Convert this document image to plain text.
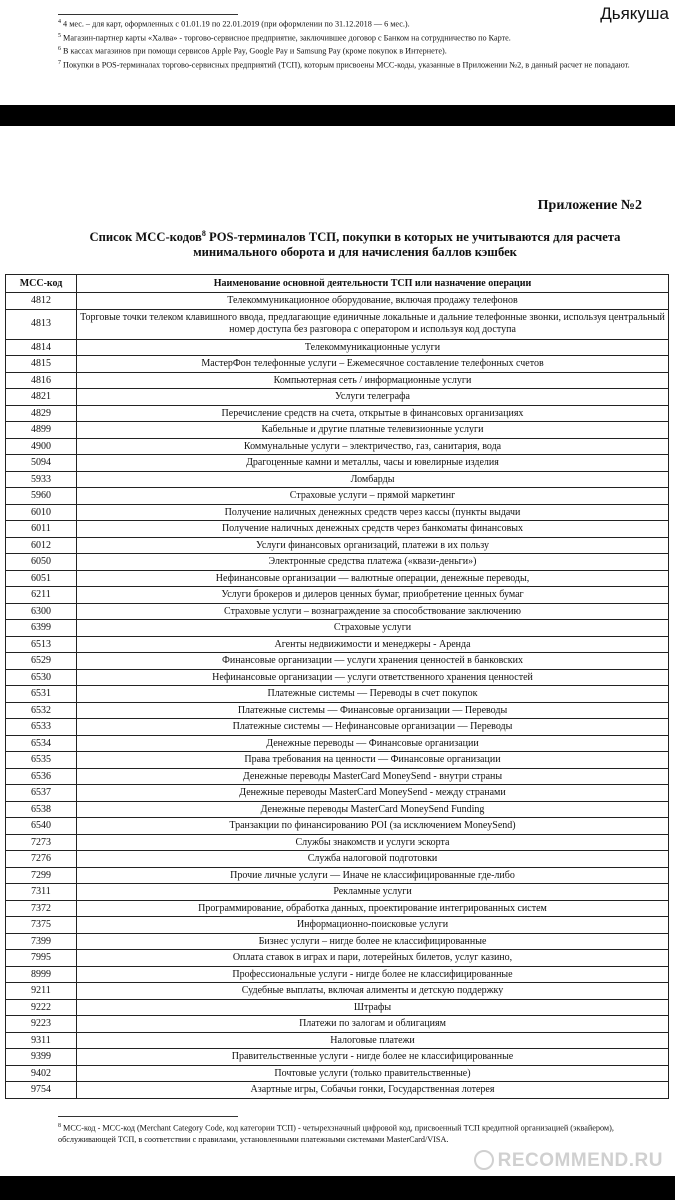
Дьякуша
$^4$ 4 мес. – для карт, оформленных с 01.01.19 по 22.01.2019 (при оформлении по 31.12.2018 — 6 мес.).
$^5$ Магазин-партнер карты «Халва» - торгово-сервисное предприятие, заключившее договор с Банком на сотрудничество по Карте.
$^6$ В кассах магазинов при помощи сервисов Apple Pay, Google Pay и Samsung Pay (кроме покупок в Интернете).
$^7$ Покупки в POS-терминалах торгово-сервисных предприятий (ТСП), которым присвоены МСС-коды, указанные в Приложении №2, в данный расчет не попадают.
Приложение №2
Список МСС-кодов$^8$ POS-терминалов ТСП, покупки в которых не учитываются для расчета минимального оборота и для начисления баллов кэшбек
МСС-код	Наименование основной деятельности ТСП или назначение операции
4812	Телекоммуникационное оборудование, включая продажу телефонов
4813	Торговые точки телеком клавишного ввода, предлагающие единичные локальные и дальние телефонные звонки, используя центральный номер доступа без разговора с оператором и используя код доступа
4814	Телекоммуникационные услуги
4815	МастерФон телефонные услуги – Ежемесячное составление телефонных счетов
4816	Компьютерная сеть / информационные услуги
4821	Услуги телеграфа
4829	Перечисление средств на счета, открытые в финансовых организациях
4899	Кабельные и другие платные телевизионные услуги
4900	Коммунальные услуги – электричество, газ, санитария, вода
5094	Драгоценные камни и металлы, часы и ювелирные изделия
5933	Ломбарды
5960	Страховые услуги – прямой маркетинг
6010	Получение наличных денежных средств через кассы (пункты выдачи
6011	Получение наличных денежных средств через банкоматы финансовых
6012	Услуги финансовых организаций, платежи в их пользу
6050	Электронные средства платежа («квази-деньги»)
6051	Нефинансовые организации — валютные операции, денежные переводы,
6211	Услуги брокеров и дилеров ценных бумаг, приобретение ценных бумаг
6300	Страховые услуги – вознаграждение за способствование заключению
6399	Страховые услуги
6513	Агенты недвижимости и менеджеры - Аренда
6529	Финансовые организации — услуги хранения ценностей в банковских
6530	Нефинансовые организации — услуги ответственного хранения ценностей
6531	Платежные системы — Переводы в счет покупок
6532	Платежные системы — Финансовые организации — Переводы
6533	Платежные системы — Нефинансовые организации — Переводы
6534	Денежные переводы — Финансовые организации
6535	Права требования на ценности — Финансовые организации
6536	Денежные переводы MasterCard MoneySend - внутри страны
6537	Денежные переводы MasterCard MoneySend - между странами
6538	Денежные переводы MasterCard MoneySend Funding
6540	Транзакции по финансированию POI (за исключением MoneySend)
7273	Службы знакомств и услуги эскорта
7276	Служба налоговой подготовки
7299	Прочие личные услуги — Иначе не классифицированные где-либо
7311	Рекламные услуги
7372	Программирование, обработка данных, проектирование интегрированных систем
7375	Информационно-поисковые услуги
7399	Бизнес услуги – нигде более не классифицированные
7995	Оплата ставок в играх и пари, лотерейных билетов, услуг казино,
8999	Профессиональные услуги - нигде более не классифицированные
9211	Судебные выплаты, включая алименты и детскую поддержку
9222	Штрафы
9223	Платежи по залогам и облигациям
9311	Налоговые платежи
9399	Правительственные услуги - нигде более не классифицированные
9402	Почтовые услуги (только правительственные)
9754	Азартные игры, Собачьи гонки, Государственная лотерея
$^8$ МСС-код - МСС-код (Merchant Category Code, код категории ТСП) - четырехзначный цифровой код, присвоенный ТСП кредитной организацией (эквайером), обслуживающей ТСП, в соответствии с правилами, установленными платежными системами MasterCard/VISA.
RECOMMEND.RU
